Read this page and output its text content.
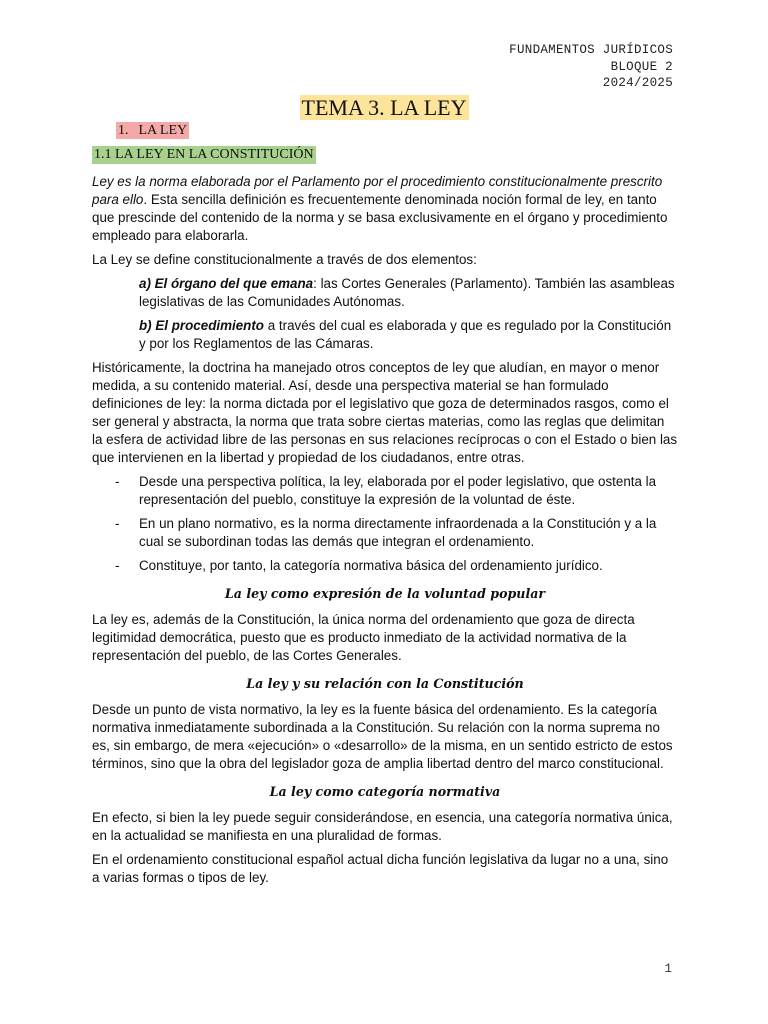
FUNDAMENTOS JURÍDICOS
BLOQUE 2
2024/2025
TEMA 3. LA LEY
1. LA LEY
1.1 LA LEY EN LA CONSTITUCIÓN

Ley es la norma elaborada por el Parlamento por el procedimiento constitucionalmente prescrito para ello. Esta sencilla definición es frecuentemente denominada noción formal de ley, en tanto que prescinde del contenido de la norma y se basa exclusivamente en el órgano y procedimiento empleado para elaborarla.

La Ley se define constitucionalmente a través de dos elementos:

a) El órgano del que emana: las Cortes Generales (Parlamento). También las asambleas legislativas de las Comunidades Autónomas.

b) El procedimiento a través del cual es elaborada y que es regulado por la Constitución y por los Reglamentos de las Cámaras.

Históricamente, la doctrina ha manejado otros conceptos de ley que aludían, en mayor o menor medida, a su contenido material. Así, desde una perspectiva material se han formulado definiciones de ley: la norma dictada por el legislativo que goza de determinados rasgos, como el ser general y abstracta, la norma que trata sobre ciertas materias, como las reglas que delimitan la esfera de actividad libre de las personas en sus relaciones recíprocas o con el Estado o bien las que intervienen en la libertad y propiedad de los ciudadanos, entre otras.

- Desde una perspectiva política, la ley, elaborada por el poder legislativo, que ostenta la representación del pueblo, constituye la expresión de la voluntad de éste.
- En un plano normativo, es la norma directamente infraordenada a la Constitución y a la cual se subordinan todas las demás que integran el ordenamiento.
- Constituye, por tanto, la categoría normativa básica del ordenamiento jurídico.
La ley como expresión de la voluntad popular

La ley es, además de la Constitución, la única norma del ordenamiento que goza de directa legitimidad democrática, puesto que es producto inmediato de la actividad normativa de la representación del pueblo, de las Cortes Generales.

La ley y su relación con la Constitución

Desde un punto de vista normativo, la ley es la fuente básica del ordenamiento. Es la categoría normativa inmediatamente subordinada a la Constitución. Su relación con la norma suprema no es, sin embargo, de mera «ejecución» o «desarrollo» de la misma, en un sentido estricto de estos términos, sino que la obra del legislador goza de amplia libertad dentro del marco constitucional.

La ley como categoría normativa

En efecto, si bien la ley puede seguir considerándose, en esencia, una categoría normativa única, en la actualidad se manifiesta en una pluralidad de formas.

En el ordenamiento constitucional español actual dicha función legislativa da lugar no a una, sino a varias formas o tipos de ley.

1
